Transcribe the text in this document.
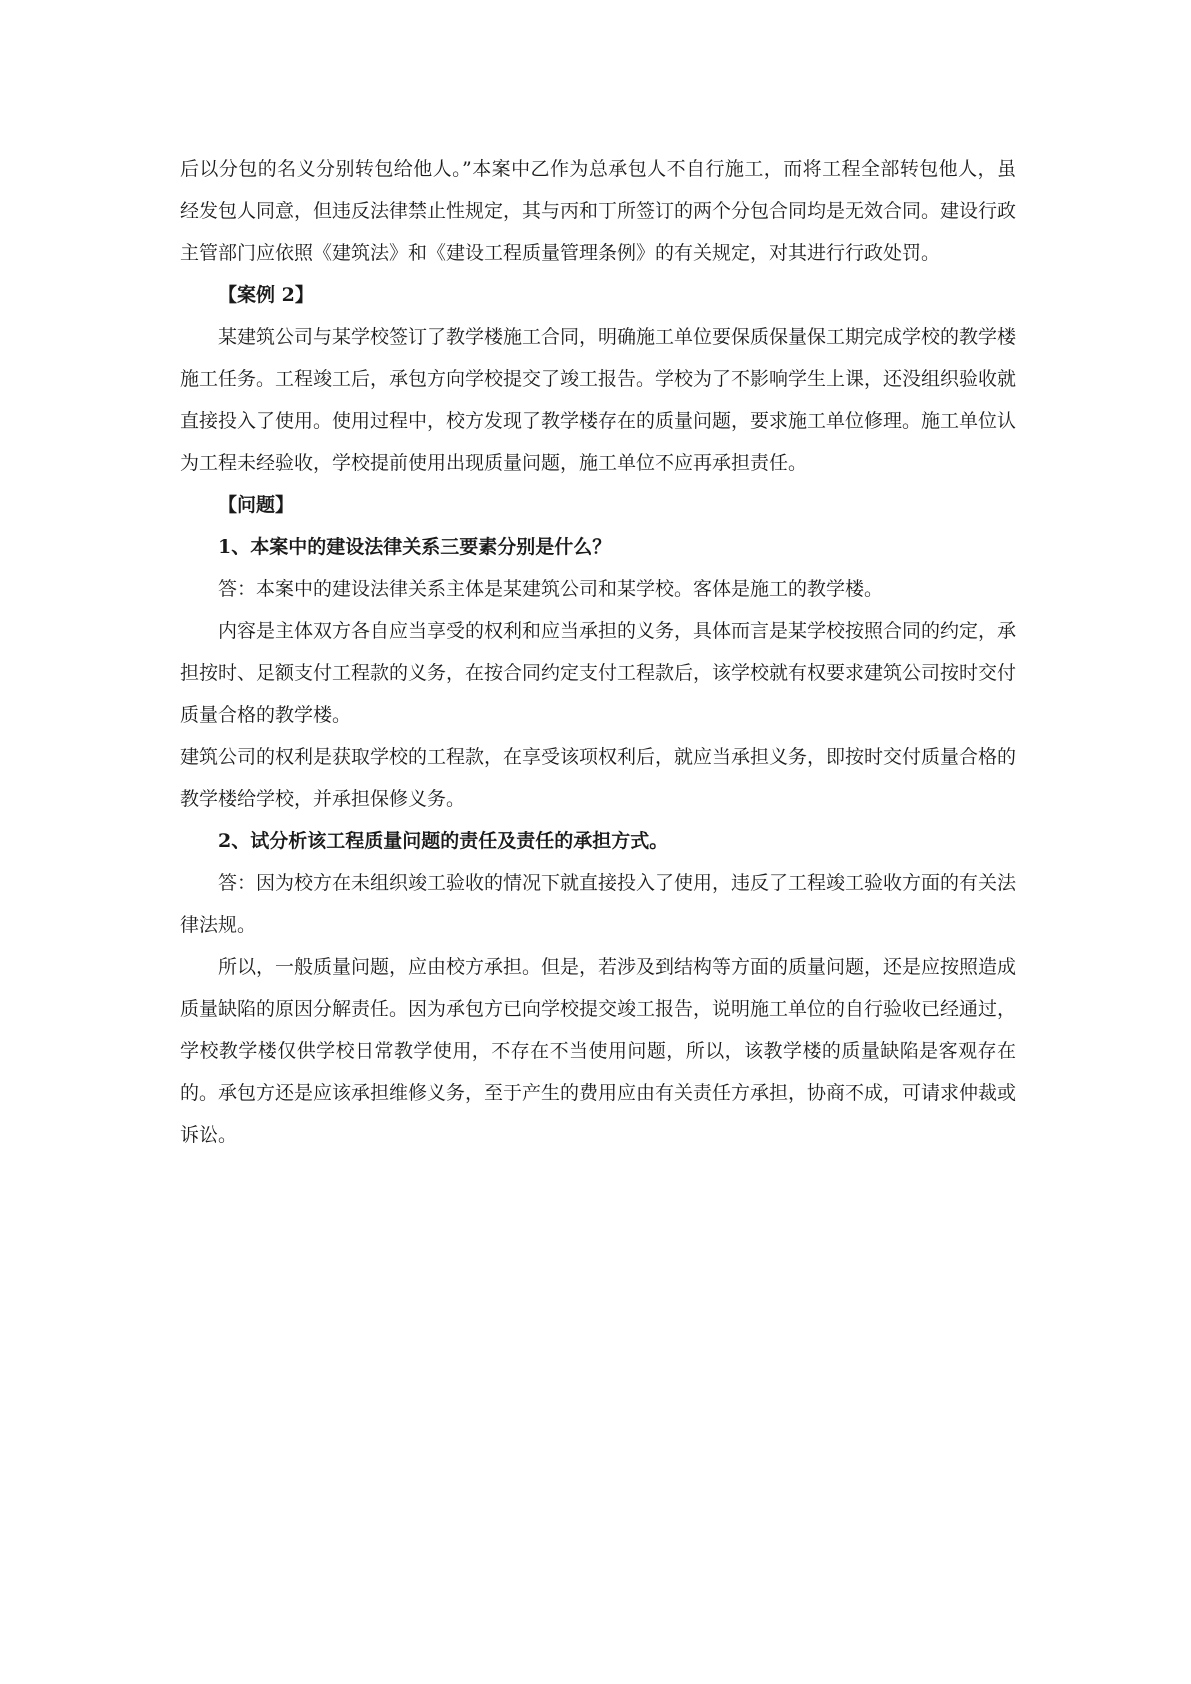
后以分包的名义分别转包给他人。”本案中乙作为总承包人不自行施工，而将工程全部转包他人，虽经发包人同意，但违反法律禁止性规定，其与丙和丁所签订的两个分包合同均是无效合同。建设行政主管部门应依照《建筑法》和《建设工程质量管理条例》的有关规定，对其进行行政处罚。

【案例 2】

某建筑公司与某学校签订了教学楼施工合同，明确施工单位要保质保量保工期完成学校的教学楼施工任务。工程竣工后，承包方向学校提交了竣工报告。学校为了不影响学生上课，还没组织验收就直接投入了使用。使用过程中，校方发现了教学楼存在的质量问题，要求施工单位修理。施工单位认为工程未经验收，学校提前使用出现质量问题，施工单位不应再承担责任。

【问题】

1、本案中的建设法律关系三要素分别是什么？

答：本案中的建设法律关系主体是某建筑公司和某学校。客体是施工的教学楼。

内容是主体双方各自应当享受的权利和应当承担的义务，具体而言是某学校按照合同的约定，承担按时、足额支付工程款的义务，在按合同约定支付工程款后，该学校就有权要求建筑公司按时交付质量合格的教学楼。

建筑公司的权利是获取学校的工程款，在享受该项权利后，就应当承担义务，即按时交付质量合格的教学楼给学校，并承担保修义务。

2、试分析该工程质量问题的责任及责任的承担方式。

答：因为校方在未组织竣工验收的情况下就直接投入了使用，违反了工程竣工验收方面的有关法律法规。

所以，一般质量问题，应由校方承担。但是，若涉及到结构等方面的质量问题，还是应按照造成质量缺陷的原因分解责任。因为承包方已向学校提交竣工报告，说明施工单位的自行验收已经通过，学校教学楼仅供学校日常教学使用，不存在不当使用问题，所以，该教学楼的质量缺陷是客观存在的。承包方还是应该承担维修义务，至于产生的费用应由有关责任方承担，协商不成，可请求仲裁或诉讼。
